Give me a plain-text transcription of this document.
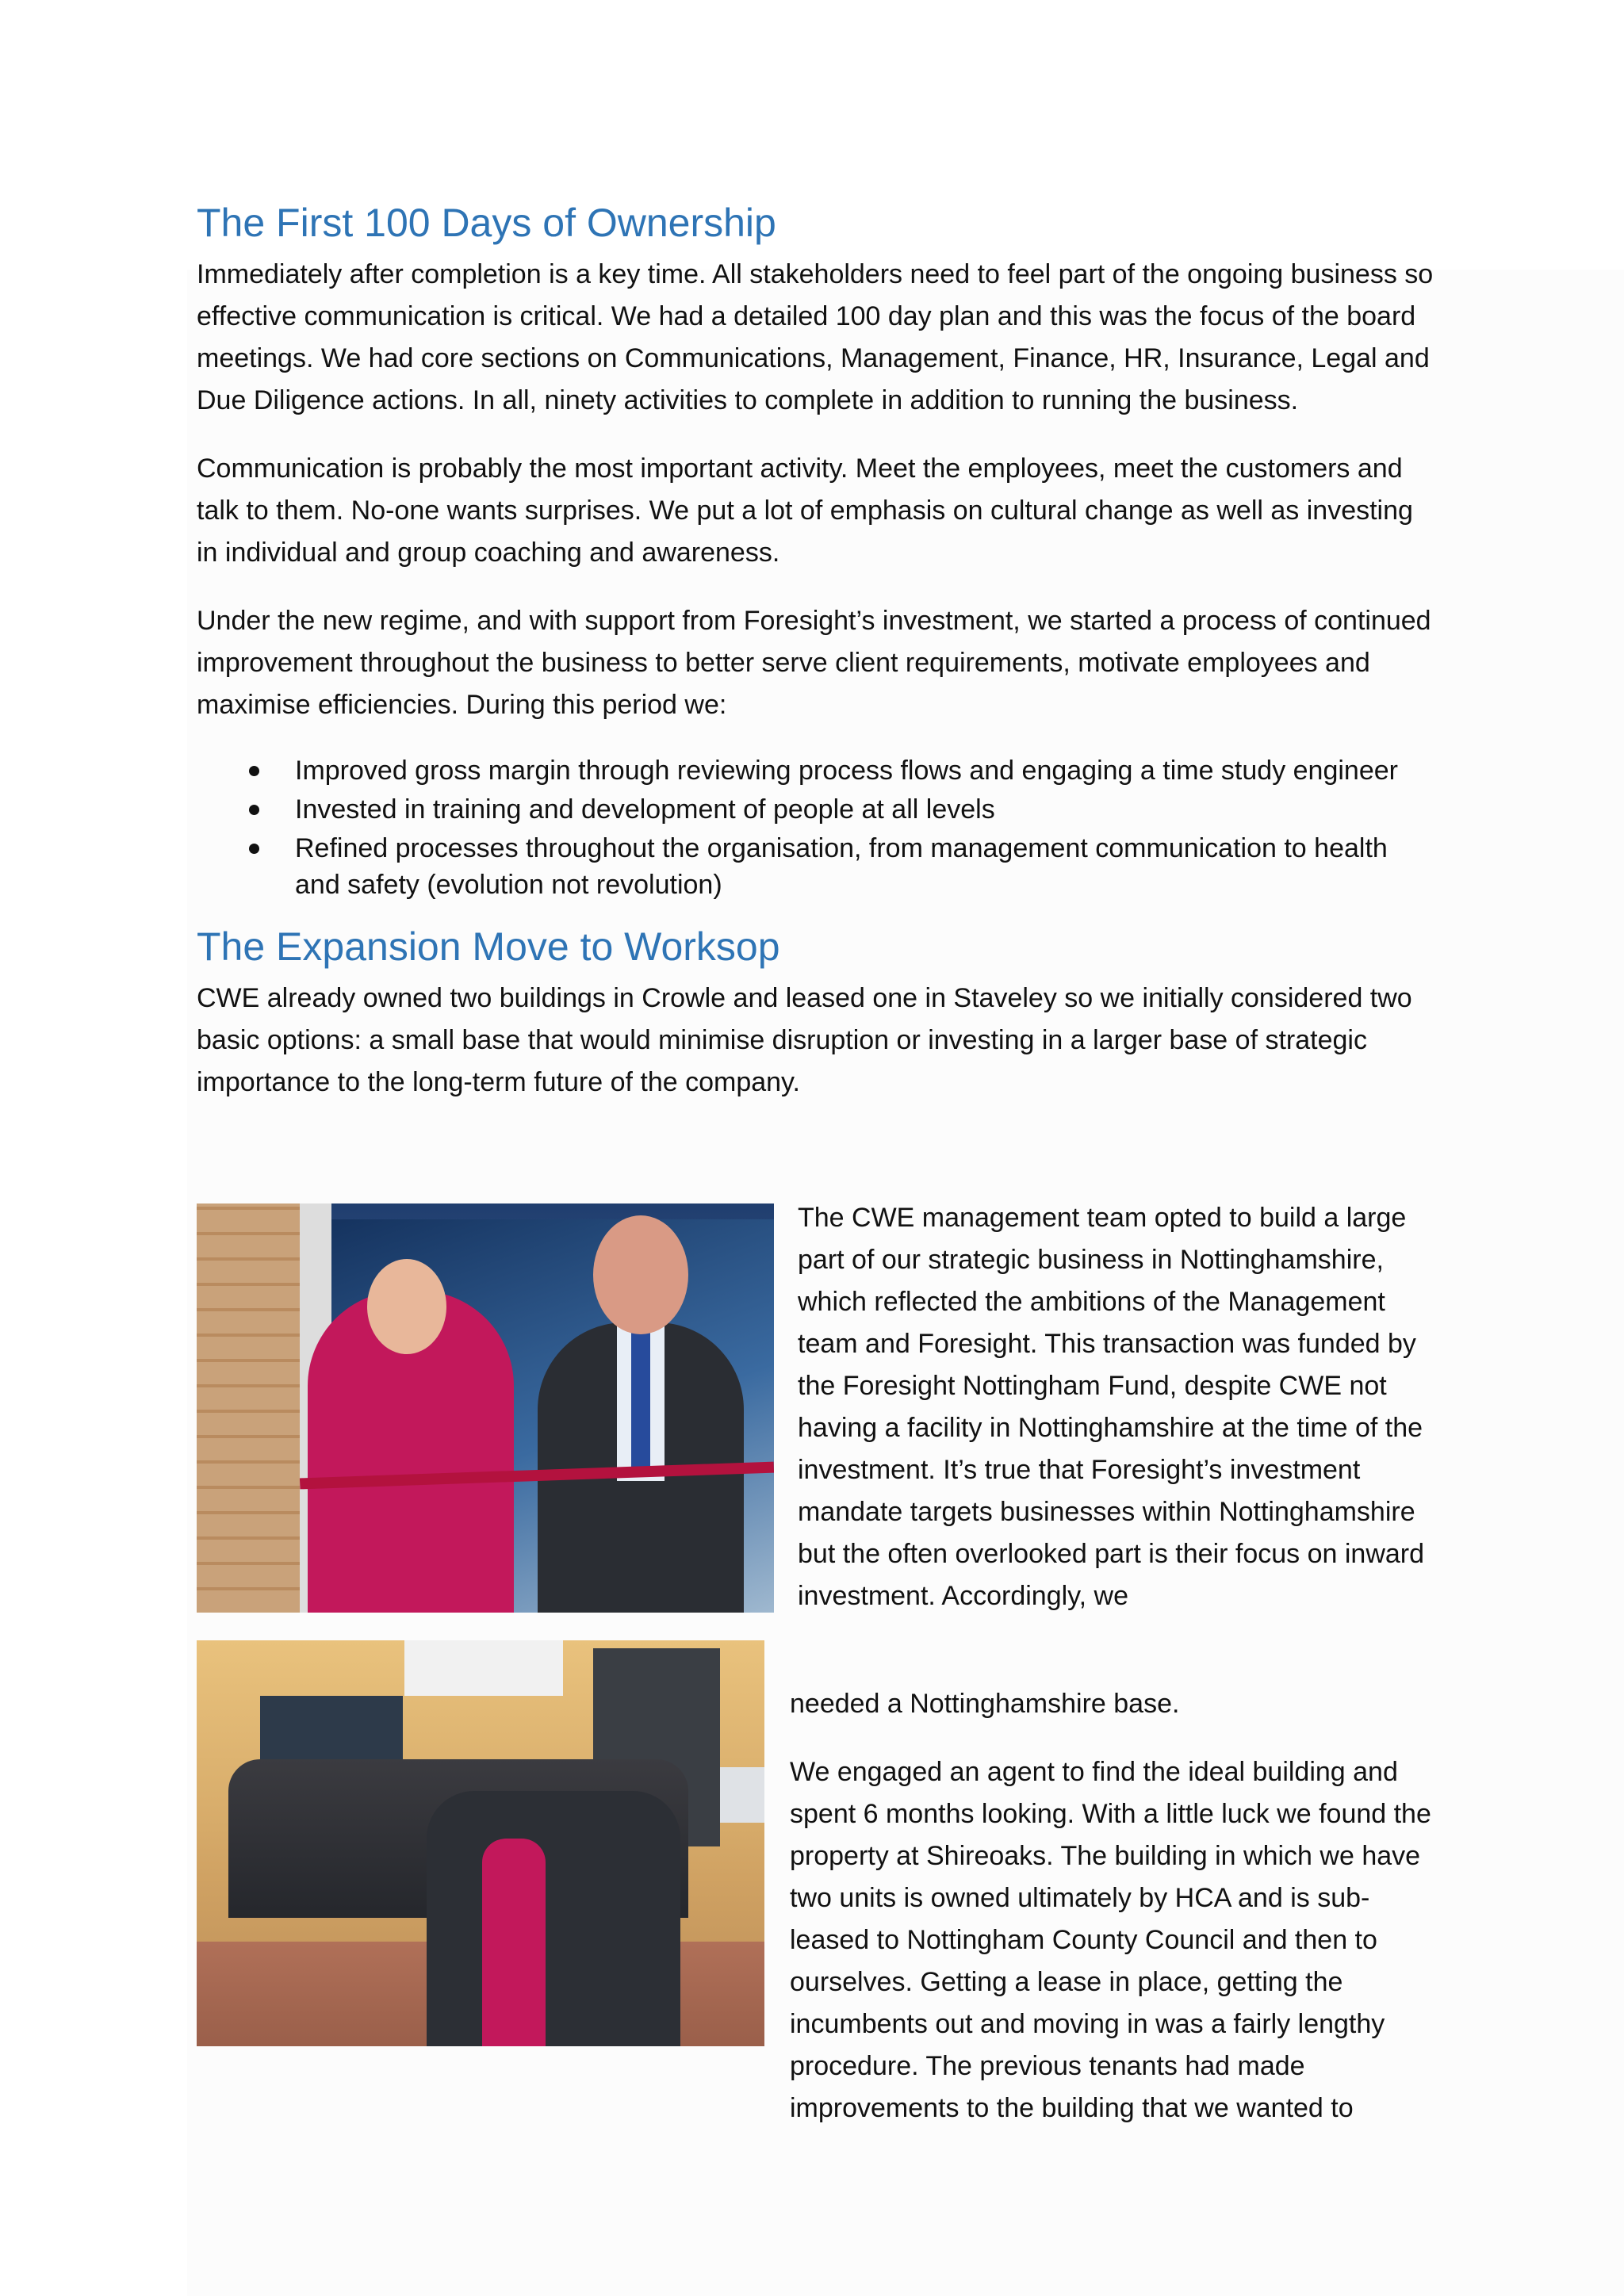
The First 100 Days of Ownership

Immediately after completion is a key time. All stakeholders need to feel part of the ongoing business so effective communication is critical. We had a detailed 100 day plan and this was the focus of the board meetings. We had core sections on Communications, Management, Finance, HR, Insurance, Legal and Due Diligence actions. In all, ninety activities to complete in addition to running the business.

Communication is probably the most important activity. Meet the employees, meet the customers and talk to them. No-one wants surprises. We put a lot of emphasis on cultural change as well as investing in individual and group coaching and awareness.

Under the new regime, and with support from Foresight’s investment, we started a process of continued improvement throughout the business to better serve client requirements, motivate employees and maximise efficiencies. During this period we:

Improved gross margin through reviewing process flows and engaging a time study engineer
Invested in training and development of people at all levels
Refined processes throughout the organisation, from management communication to health and safety (evolution not revolution)
The Expansion Move to Worksop

CWE already owned two buildings in Crowle and leased one in Staveley so we initially considered two basic options: a small base that would minimise disruption or investing in a larger base of strategic importance to the long-term future of the company.

The CWE management team opted to build a large part of our strategic business in Nottinghamshire, which reflected the ambitions of the Management team and Foresight. This transaction was funded by the Foresight Nottingham Fund, despite CWE not having a facility in Nottinghamshire at the time of the investment. It’s true that Foresight’s investment mandate targets businesses within Nottinghamshire but the often overlooked part is their focus on inward investment. Accordingly, we

needed a Nottinghamshire base.

We engaged an agent to find the ideal building and spent 6 months looking. With a little luck we found the property at Shireoaks. The building in which we have two units is owned ultimately by HCA and is sub-leased to Nottingham County Council and then to ourselves. Getting a lease in place, getting the incumbents out and moving in was a fairly lengthy procedure. The previous tenants had made improvements to the building that we wanted to
